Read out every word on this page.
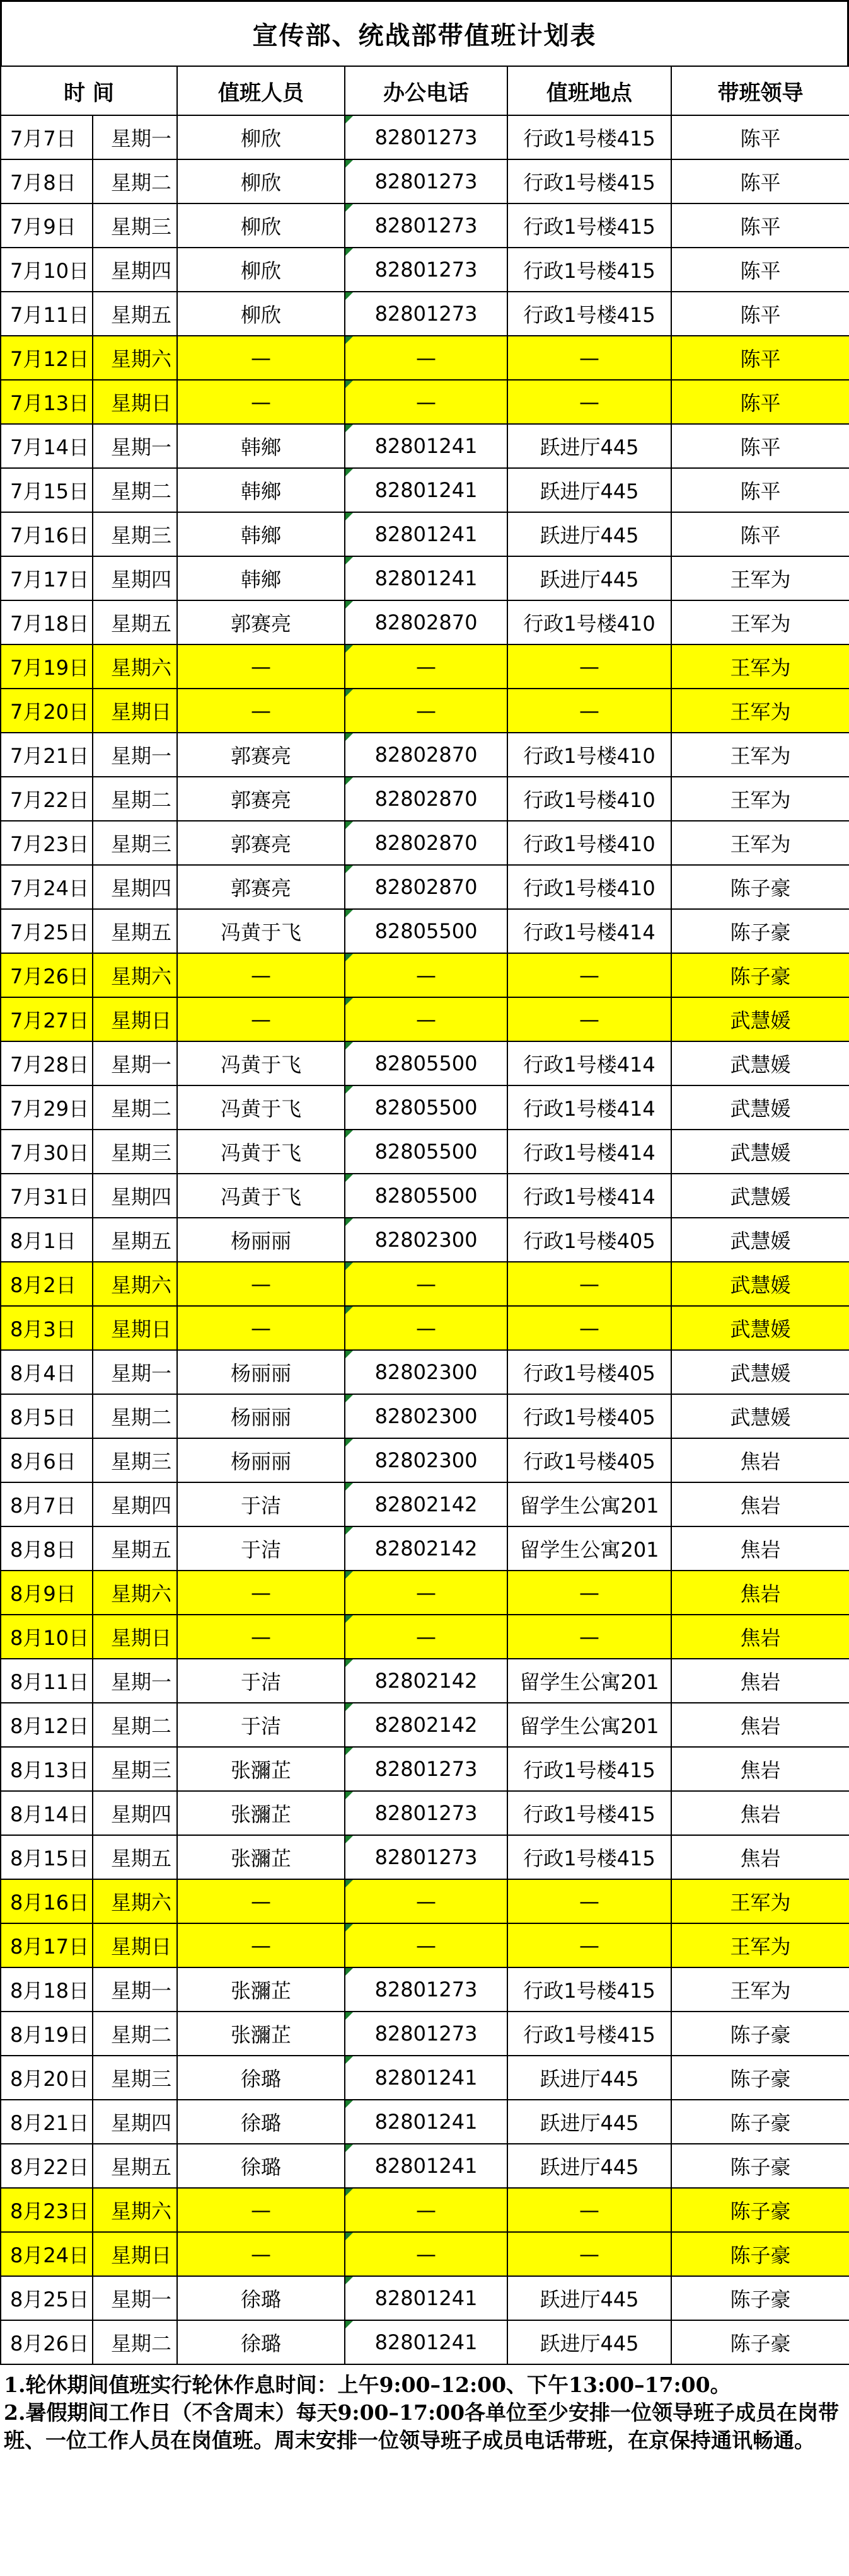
宣传部、统战部带值班计划表
时 间		值班人员	办公电话	值班地点	带班领导
7月7日	星期一	柳欣	82801273	行政1号楼415	陈平
7月8日	星期二	柳欣	82801273	行政1号楼415	陈平
7月9日	星期三	柳欣	82801273	行政1号楼415	陈平
7月10日	星期四	柳欣	82801273	行政1号楼415	陈平
7月11日	星期五	柳欣	82801273	行政1号楼415	陈平
7月12日	星期六	—	—	—	陈平
7月13日	星期日	—	—	—	陈平
7月14日	星期一	韩鄉	82801241	跃进厅445	陈平
7月15日	星期二	韩鄉	82801241	跃进厅445	陈平
7月16日	星期三	韩鄉	82801241	跃进厅445	陈平
7月17日	星期四	韩鄉	82801241	跃进厅445	王军为
7月18日	星期五	郭赛亮	82802870	行政1号楼410	王军为
7月19日	星期六	—	—	—	王军为
7月20日	星期日	—	—	—	王军为
7月21日	星期一	郭赛亮	82802870	行政1号楼410	王军为
7月22日	星期二	郭赛亮	82802870	行政1号楼410	王军为
7月23日	星期三	郭赛亮	82802870	行政1号楼410	王军为
7月24日	星期四	郭赛亮	82802870	行政1号楼410	陈子豪
7月25日	星期五	冯黄于飞	82805500	行政1号楼414	陈子豪
7月26日	星期六	—	—	—	陈子豪
7月27日	星期日	—	—	—	武慧媛
7月28日	星期一	冯黄于飞	82805500	行政1号楼414	武慧媛
7月29日	星期二	冯黄于飞	82805500	行政1号楼414	武慧媛
7月30日	星期三	冯黄于飞	82805500	行政1号楼414	武慧媛
7月31日	星期四	冯黄于飞	82805500	行政1号楼414	武慧媛
8月1日	星期五	杨丽丽	82802300	行政1号楼405	武慧媛
8月2日	星期六	—	—	—	武慧媛
8月3日	星期日	—	—	—	武慧媛
8月4日	星期一	杨丽丽	82802300	行政1号楼405	武慧媛
8月5日	星期二	杨丽丽	82802300	行政1号楼405	武慧媛
8月6日	星期三	杨丽丽	82802300	行政1号楼405	焦岩
8月7日	星期四	于洁	82802142	留学生公寓201	焦岩
8月8日	星期五	于洁	82802142	留学生公寓201	焦岩
8月9日	星期六	—	—	—	焦岩
8月10日	星期日	—	—	—	焦岩
8月11日	星期一	于洁	82802142	留学生公寓201	焦岩
8月12日	星期二	于洁	82802142	留学生公寓201	焦岩
8月13日	星期三	张瀰芷	82801273	行政1号楼415	焦岩
8月14日	星期四	张瀰芷	82801273	行政1号楼415	焦岩
8月15日	星期五	张瀰芷	82801273	行政1号楼415	焦岩
8月16日	星期六	—	—	—	王军为
8月17日	星期日	—	—	—	王军为
8月18日	星期一	张瀰芷	82801273	行政1号楼415	王军为
8月19日	星期二	张瀰芷	82801273	行政1号楼415	陈子豪
8月20日	星期三	徐璐	82801241	跃进厅445	陈子豪
8月21日	星期四	徐璐	82801241	跃进厅445	陈子豪
8月22日	星期五	徐璐	82801241	跃进厅445	陈子豪
8月23日	星期六	—	—	—	陈子豪
8月24日	星期日	—	—	—	陈子豪
8月25日	星期一	徐璐	82801241	跃进厅445	陈子豪
8月26日	星期二	徐璐	82801241	跃进厅445	陈子豪

1.轮休期间值班实行轮休作息时间：上午9:00–12:00、下午13:00–17:00。

2.暑假期间工作日（不含周末）每天9:00–17:00各单位至少安排一位领导班子成员在岗带班、一位工作人员在岗值班。周末安排一位领导班子成员电话带班，在京保持通讯畅通。
